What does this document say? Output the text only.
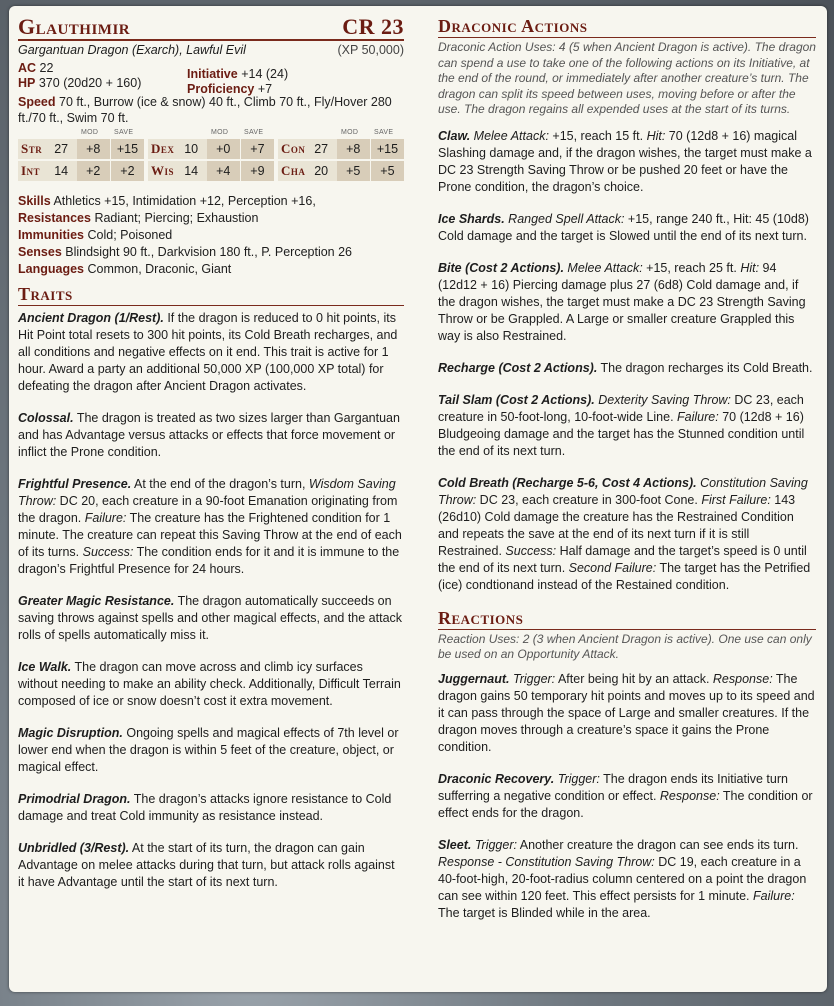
Glauthimir	CR 23
Gargantuan Dragon (Exarch), Lawful Evil	(XP 50,000)
AC 22	Initiative +14 (24)
HP 370 (20d20 + 160)	Proficiency +7
Speed 70 ft., Burrow (ice & snow) 40 ft., Climb 70 ft., Fly/Hover 280 ft./70 ft., Swim 70 ft.
MOD SAVE	MOD SAVE	MOD SAVE
Str 27	+8	+15 Dex 10	+0	+7	Con 27	+8	+15
Int	14	+2	+2	Wis 14	+4	+9	Cha 20	+5	+5
Skills Athletics +15, Intimidation +12, Perception +16,
Resistances Radiant; Piercing; Exhaustion
Immunities Cold; Poisoned
Senses Blindsight 90 ft., Darkvision 180 ft., P. Perception 26
Languages Common, Draconic, Giant
Traits

Ancient Dragon (1/Rest). If the dragon is reduced to 0 hit points, its Hit Point total resets to 300 hit points, its Cold Breath recharges, and all conditions and negative effects on it end. This trait is active for 1 hour. Award a party an additional 50,000 XP (100,000 XP total) for defeating the dragon after Ancient Dragon activates.

Colossal. The dragon is treated as two sizes larger than Gargantuan and has Advantage versus attacks or effects that force movement or inflict the Prone condition.

Frightful Presence. At the end of the dragon’s turn, Wisdom Saving Throw: DC 20, each creature in a 90-foot Emanation originating from the dragon. Failure: The creature has the Frightened condition for 1 minute. The creature can repeat this Saving Throw at the end of each of its turns. Success: The condition ends for it and it is immune to the dragon’s Frightful Presence for 24 hours.

Greater Magic Resistance. The dragon automatically succeeds on saving throws against spells and other magical effects, and the attack rolls of spells automatically miss it.

Ice Walk. The dragon can move across and climb icy surfaces without needing to make an ability check. Additionally, Difficult Terrain composed of ice or snow doesn’t cost it extra movement.

Magic Disruption. Ongoing spells and magical effects of 7th level or lower end when the dragon is within 5 feet of the creature, object, or magical effect.

Primodrial Dragon. The dragon’s attacks ignore resistance to Cold damage and treat Cold immunity as resistance instead.

Unbridled (3/Rest). At the start of its turn, the dragon can gain Advantage on melee attacks during that turn, but attack rolls against it have Advantage until the start of its next turn.

Draconic Actions
Draconic Action Uses: 4 (5 when Ancient Dragon is active). The dragon can spend a use to take one of the following actions on its Initiative, at the end of the round, or immediately after another creature’s turn. The dragon can split its speed between uses, moving before or after the use. The dragon regains all expended uses at the start of its turns.

Claw. Melee Attack: +15, reach 15 ft. Hit: 70 (12d8 + 16) magical Slashing damage and, if the dragon wishes, the target must make a DC 23 Strength Saving Throw or be pushed 20 feet or have the Prone condition, the dragon’s choice.

Ice Shards. Ranged Spell Attack: +15, range 240 ft., Hit: 45 (10d8) Cold damage and the target is Slowed until the end of its next turn.

Bite (Cost 2 Actions). Melee Attack: +15, reach 25 ft. Hit: 94 (12d12 + 16) Piercing damage plus 27 (6d8) Cold damage and, if the dragon wishes, the target must make a DC 23 Strength Saving Throw or be Grappled. A Large or smaller creature Grappled this way is also Restrained.

Recharge (Cost 2 Actions). The dragon recharges its Cold Breath.

Tail Slam (Cost 2 Actions). Dexterity Saving Throw: DC 23, each creature in 50-foot-long, 10-foot-wide Line. Failure: 70 (12d8 + 16) Bludgeoing damage and the target has the Stunned condition until the end of its next turn.

Cold Breath (Recharge 5-6, Cost 4 Actions). Constitution Saving Throw: DC 23, each creature in 300-foot Cone. First Failure: 143 (26d10) Cold damage the creature has the Restrained Condition and repeats the save at the end of its next turn if it is still Restrained. Success: Half damage and the target’s speed is 0 until the end of its next turn. Second Failure: The target has the Petrified (ice) condtionand instead of the Restained condition.

Reactions
Reaction Uses: 2 (3 when Ancient Dragon is active). One use can only be used on an Opportunity Attack.

Juggernaut. Trigger: After being hit by an attack. Response: The dragon gains 50 temporary hit points and moves up to its speed and it can pass through the space of Large and smaller creatures. If the dragon moves through a creature’s space it gains the Prone condition.

Draconic Recovery. Trigger: The dragon ends its Initiative turn sufferring a negative condition or effect. Response: The condition or effect ends for the dragon.

Sleet. Trigger: Another creature the dragon can see ends its turn. Response - Constitution Saving Throw: DC 19, each creature in a 40-foot-high, 20-foot-radius column centered on a point the dragon can see within 120 feet. This effect persists for 1 minute. Failure: The target is Blinded while in the area.
